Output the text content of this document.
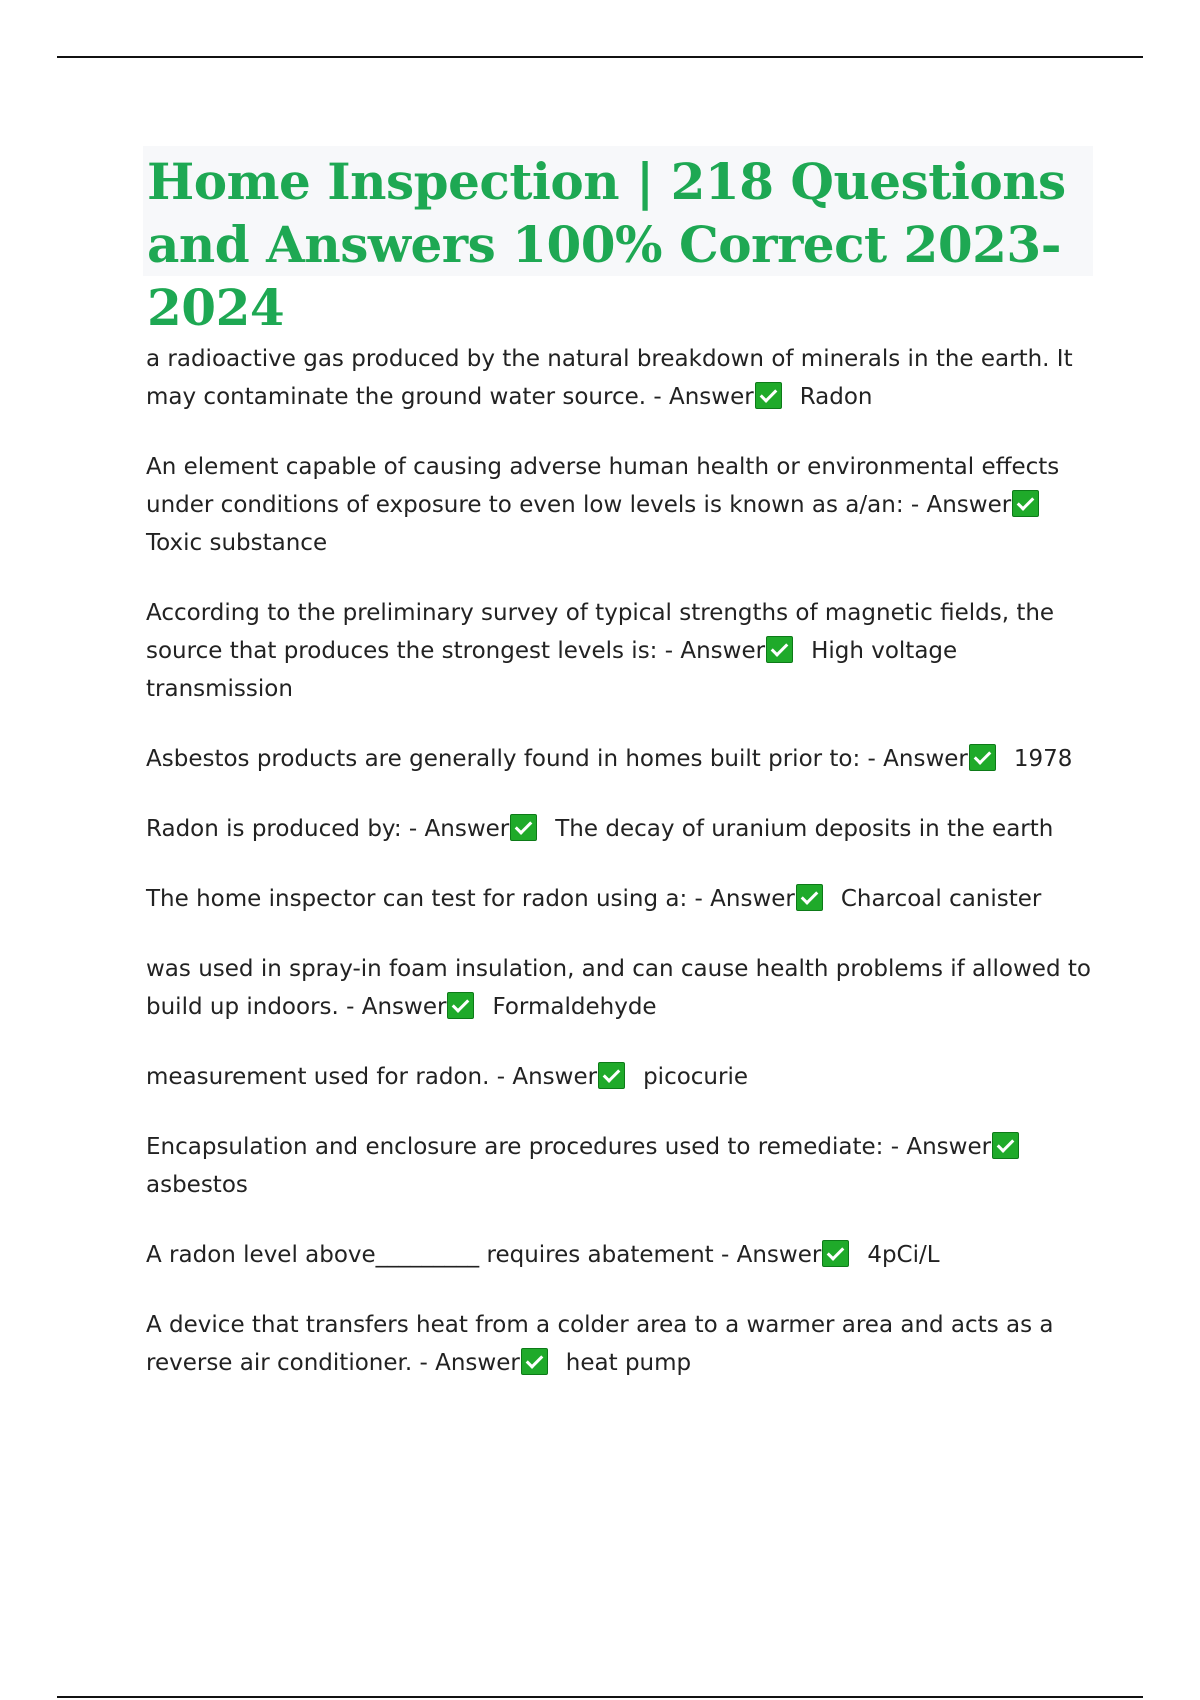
Home Inspection | 218 Questions and Answers 100% Correct 2023-2024

a radioactive gas produced by the natural breakdown of minerals in the earth. It may contaminate the ground water source. - Answer Radon

An element capable of causing adverse human health or environmental effects under conditions of exposure to even low levels is known as a/an: - AnswerToxic substance

According to the preliminary survey of typical strengths of magnetic fields, the source that produces the strongest levels is: - Answer High voltage transmission

Asbestos products are generally found in homes built prior to: - Answer 1978

Radon is produced by: - Answer The decay of uranium deposits in the earth

The home inspector can test for radon using a: - Answer Charcoal canister

was used in spray-in foam insulation, and can cause health problems if allowed to build up indoors. - Answer Formaldehyde

measurement used for radon. - Answer picocurie

Encapsulation and enclosure are procedures used to remediate: - Answerasbestos

A radon level above_________ requires abatement - Answer 4pCi/L

A device that transfers heat from a colder area to a warmer area and acts as a reverse air conditioner. - Answer heat pump
